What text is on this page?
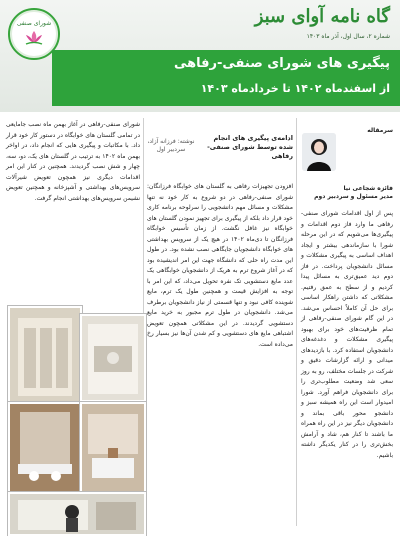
شورای صنفی	گاه نامه آوای سبز
شماره ۲، سال اول، آذر ماه ۱۴۰۳
پیگیری های شورای صنفی-رفاهی
از اسفندماه ۱۴۰۲ تا خردادماه ۱۴۰۳
سرمقاله
فائزه شجاعی نیا
مدیر مسئول و سردبیر دوم
پس از اول اقدامات شورای صنفی-رفاهی ما وارد فاز دوم اقدامات و پیگیری‌ها می‌شویم که در این مرحله شورا با سازماندهی بیشتر و ایجاد اهداف اساسی به پیگیری مشکلات و مسائل دانشجویان پرداخت. در فاز دوم دید عمیق‌تری به مسائل پیدا کردیم و از سطح به عمق رفتیم. مشکلاتی که داشتن راهکار اساسی برای حل آن کاملاً احساس می‌شد. در این گام شورای صنفی-رفاهی از تمام ظرفیت‌های خود برای بهبود پیگیری مشکلات و دغدغه‌های دانشجویان استفاده کرد. با بازدیدهای میدانی و ارائه گزارشات دقیق و شرکت در جلسات مختلف، رو به روز سعی شد وضعیت مطلوب‌تری را برای دانشجویان فراهم آورد. شورا امیدوار است این راه همیشه سبز و دانشجو محور باقی بماند و دانشجویان دیگر نیز در این راه همراه ما باشند تا کنار هم، شاد و آرامش بخش‌تری را در کنار یکدیگر داشته باشیم.
ادامه‌ی پیگیری های انجام شده توسط شورای صنفی-رفاهی
نوشته: فرزانه آزاد، سردبیر اول
افزودن تجهیزات رفاهی به گلستان های خوابگاه فرزانگان: شورای صنفی-رفاهی در دو شروع به کار خود نه تنها مشکلات و مسائل مهم دانشجویی را سرلوحه برنامه کاری خود قرار داد بلکه از پیگیری برای تجهیز نمودن گلستان های خوابگاه نیز غافل نگشت. از زمان تأسیس خوابگاه فرزانگان تا دی‌ماه ۱۴۰۲ در هیچ یک از سرویس بهداشتی های خوابگاه دانشجویان جایگاهی نصب نشده بود. در طول این مدت راه حلی که دانشگاه جهت این امر اندیشیده بود که در آغاز شروع ترم به هریک از دانشجویان خوابگاهی یک عدد مایع دستشویی تک نفره تحویل می‌داد، که این امر با توجه به افزایش قیمت و همچنین طول یک ترم، مایع شوینده کافی نبود و تنها قسمتی از نیاز دانشجویان برطرف می‌شد. دانشجویان در طول ترم مجبور به خرید مایع دستشویی گردیدند. در این مشکلاتی همچون تعویض اشتباهی مایع های دستشویی و کم شدن آن‌ها نیز بسیار رخ می‌داده است.
شورای صنفی-رفاهی در آغاز بهمن ماه نصب جامایعی در تمامی گلستان های خوابگاه در دستور کار خود قرار داد. با مکاتبات و پیگیری هایی که انجام داد، در اواخر بهمن ماه ۱۴۰۲ به ترتیب در گلستان های یک، دو، سه، چهار و شش نصب گردیدند. همچنین در کنار این امر اقدامات دیگری نیز همچون تعویض شیرآلات سرویس‌های بهداشتی و آشپزخانه و همچنین تعویض نشیمن سرویس‌های بهداشتی انجام گرفت.
